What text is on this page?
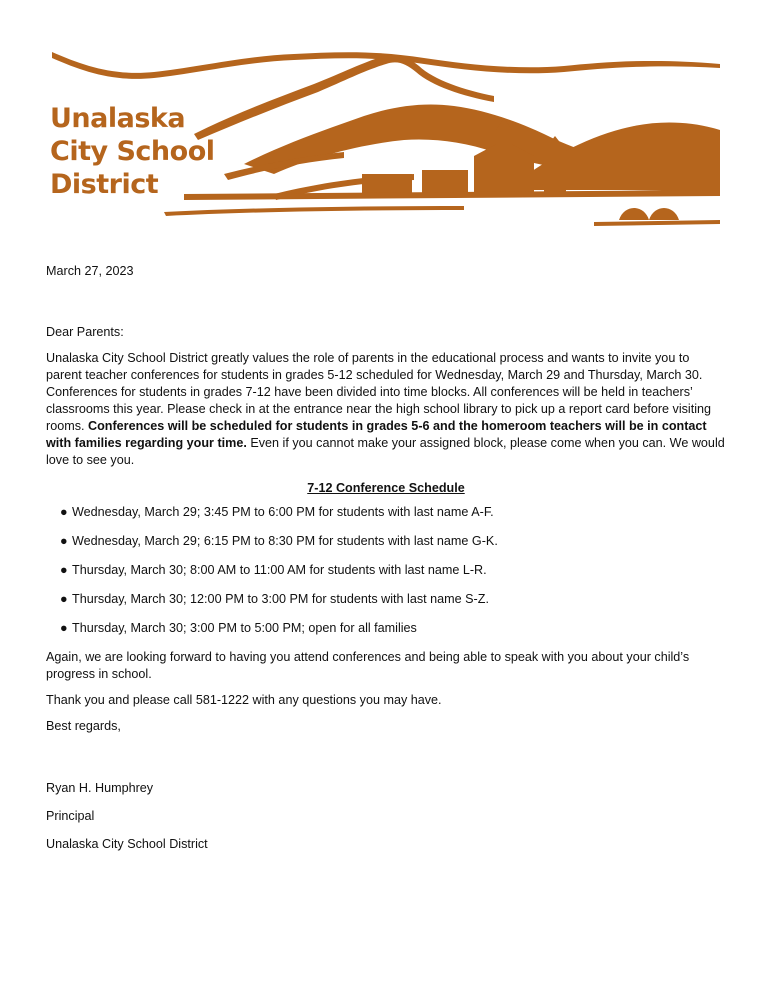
Unalaska
City School
District

March 27, 2023

Dear Parents:

Unalaska City School District greatly values the role of parents in the educational process and wants to invite you to parent teacher conferences for students in grades 5-12 scheduled for Wednesday, March 29 and Thursday, March 30. Conferences for students in grades 7-12 have been divided into time blocks. All conferences will be held in teachers’ classrooms this year. Please check in at the entrance near the high school library to pick up a report card before visiting rooms. Conferences will be scheduled for students in grades 5-6 and the homeroom teachers will be in contact with families regarding your time. Even if you cannot make your assigned block, please come when you can. We would love to see you.

7-12 Conference Schedule

● Wednesday, March 29; 3:45 PM to 6:00 PM for students with last name A-F.
● Wednesday, March 29; 6:15 PM to 8:30 PM for students with last name G-K.
● Thursday, March 30; 8:00 AM to 11:00 AM for students with last name L-R.
● Thursday, March 30; 12:00 PM to 3:00 PM for students with last name S-Z.
● Thursday, March 30; 3:00 PM to 5:00 PM; open for all families

Again, we are looking forward to having you attend conferences and being able to speak with you about your child’s progress in school.

Thank you and please call 581-1222 with any questions you may have.

Best regards,

Ryan H. Humphrey

Principal

Unalaska City School District
